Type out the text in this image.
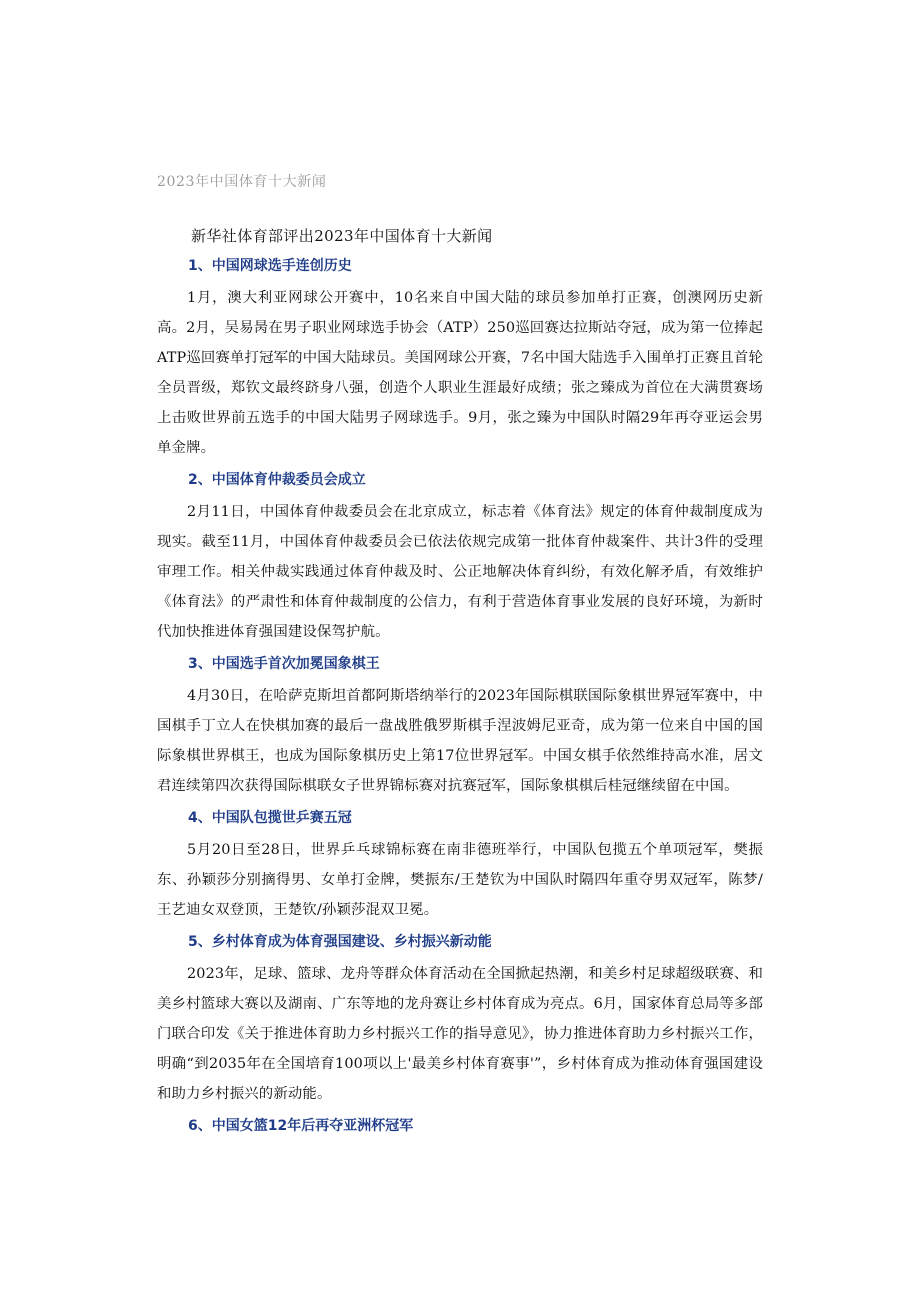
2023年中国体育十大新闻

新华社体育部评出2023年中国体育十大新闻

1、中国网球选手连创历史

1月，澳大利亚网球公开赛中，10名来自中国大陆的球员参加单打正赛，创澳网历史新高。2月，吴易昺在男子职业网球选手协会（ATP）250巡回赛达拉斯站夺冠，成为第一位捧起ATP巡回赛单打冠军的中国大陆球员。美国网球公开赛，7名中国大陆选手入围单打正赛且首轮全员晋级，郑钦文最终跻身八强，创造个人职业生涯最好成绩；张之臻成为首位在大满贯赛场上击败世界前五选手的中国大陆男子网球选手。9月，张之臻为中国队时隔29年再夺亚运会男单金牌。

2、中国体育仲裁委员会成立

2月11日，中国体育仲裁委员会在北京成立，标志着《体育法》规定的体育仲裁制度成为现实。截至11月，中国体育仲裁委员会已依法依规完成第一批体育仲裁案件、共计3件的受理审理工作。相关仲裁实践通过体育仲裁及时、公正地解决体育纠纷，有效化解矛盾，有效维护《体育法》的严肃性和体育仲裁制度的公信力，有利于营造体育事业发展的良好环境，为新时代加快推进体育强国建设保驾护航。

3、中国选手首次加冕国象棋王

4月30日，在哈萨克斯坦首都阿斯塔纳举行的2023年国际棋联国际象棋世界冠军赛中，中国棋手丁立人在快棋加赛的最后一盘战胜俄罗斯棋手涅波姆尼亚奇，成为第一位来自中国的国际象棋世界棋王，也成为国际象棋历史上第17位世界冠军。中国女棋手依然维持高水准，居文君连续第四次获得国际棋联女子世界锦标赛对抗赛冠军，国际象棋棋后桂冠继续留在中国。

4、中国队包揽世乒赛五冠

5月20日至28日，世界乒乓球锦标赛在南非德班举行，中国队包揽五个单项冠军，樊振东、孙颖莎分别摘得男、女单打金牌，樊振东/王楚钦为中国队时隔四年重夺男双冠军，陈梦/王艺迪女双登顶，王楚钦/孙颖莎混双卫冕。

5、乡村体育成为体育强国建设、乡村振兴新动能

2023年，足球、篮球、龙舟等群众体育活动在全国掀起热潮，和美乡村足球超级联赛、和美乡村篮球大赛以及湖南、广东等地的龙舟赛让乡村体育成为亮点。6月，国家体育总局等多部门联合印发《关于推进体育助力乡村振兴工作的指导意见》，协力推进体育助力乡村振兴工作，明确“到2035年在全国培育100项以上'最美乡村体育赛事'”，乡村体育成为推动体育强国建设和助力乡村振兴的新动能。

6、中国女篮12年后再夺亚洲杯冠军
